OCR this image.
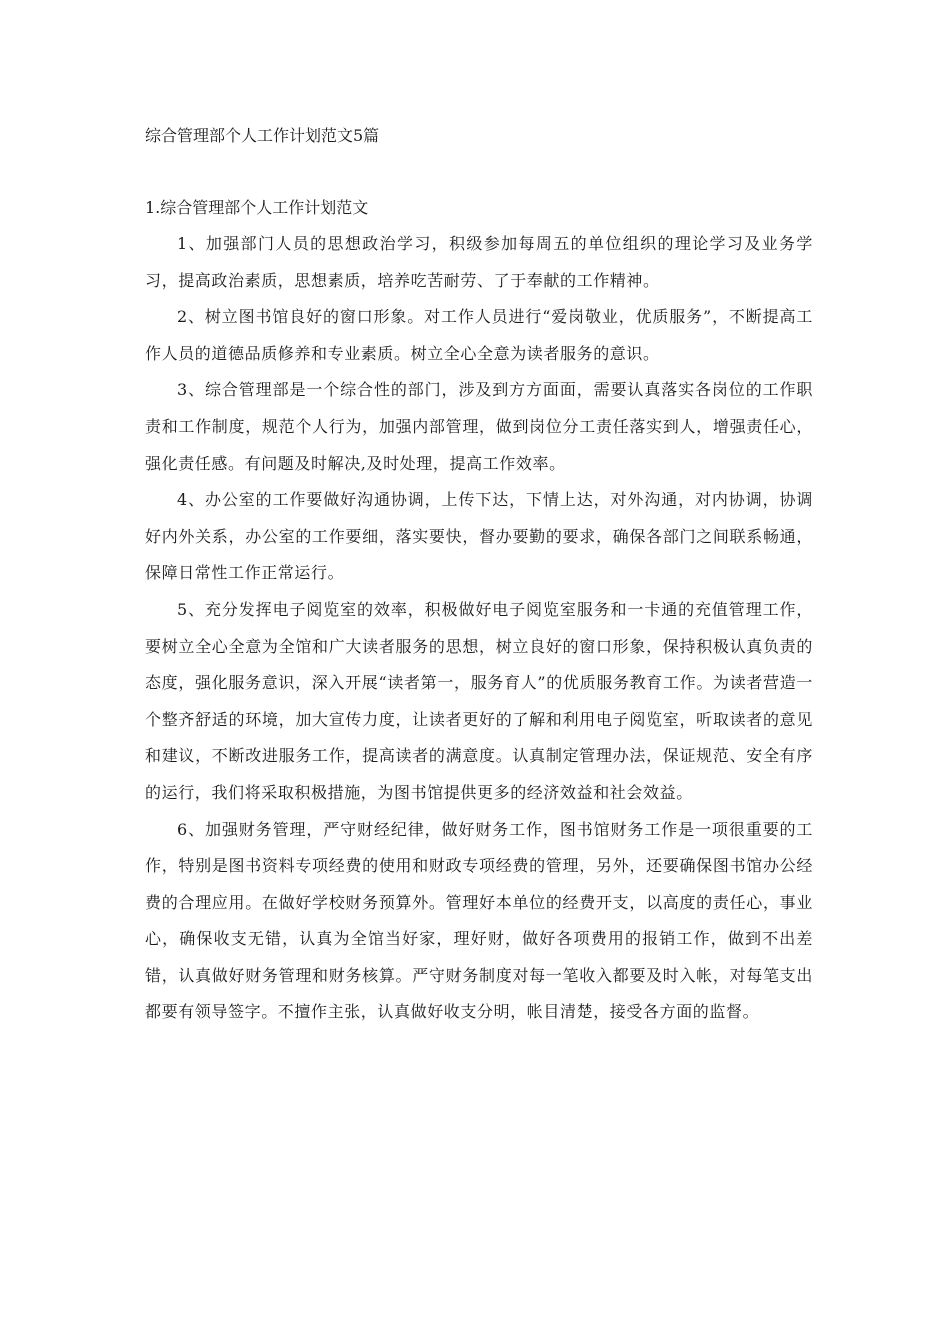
综合管理部个人工作计划范文5篇
1.综合管理部个人工作计划范文

1、加强部门人员的思想政治学习，积级参加每周五的单位组织的理论学习及业务学习，提高政治素质，思想素质，培养吃苦耐劳、了于奉献的工作精神。

2、树立图书馆良好的窗口形象。对工作人员进行“爱岗敬业，优质服务”，不断提高工作人员的道德品质修养和专业素质。树立全心全意为读者服务的意识。

3、综合管理部是一个综合性的部门，涉及到方方面面，需要认真落实各岗位的工作职责和工作制度，规范个人行为，加强内部管理，做到岗位分工责任落实到人，增强责任心，强化责任感。有问题及时解决,及时处理，提高工作效率。

4、办公室的工作要做好沟通协调，上传下达，下情上达，对外沟通，对内协调，协调好内外关系，办公室的工作要细，落实要快，督办要勤的要求，确保各部门之间联系畅通，保障日常性工作正常运行。

5、充分发挥电子阅览室的效率，积极做好电子阅览室服务和一卡通的充值管理工作，要树立全心全意为全馆和广大读者服务的思想，树立良好的窗口形象，保持积极认真负责的态度，强化服务意识，深入开展“读者第一，服务育人”的优质服务教育工作。为读者营造一个整齐舒适的环境，加大宣传力度，让读者更好的了解和利用电子阅览室，听取读者的意见和建议，不断改进服务工作，提高读者的满意度。认真制定管理办法，保证规范、安全有序的运行，我们将采取积极措施，为图书馆提供更多的经济效益和社会效益。

6、加强财务管理，严守财经纪律，做好财务工作，图书馆财务工作是一项很重要的工作，特别是图书资料专项经费的使用和财政专项经费的管理，另外，还要确保图书馆办公经费的合理应用。在做好学校财务预算外。管理好本单位的经费开支，以高度的责任心，事业心，确保收支无错，认真为全馆当好家，理好财，做好各项费用的报销工作，做到不出差错，认真做好财务管理和财务核算。严守财务制度对每一笔收入都要及时入帐，对每笔支出都要有领导签字。不擅作主张，认真做好收支分明，帐目清楚，接受各方面的监督。
